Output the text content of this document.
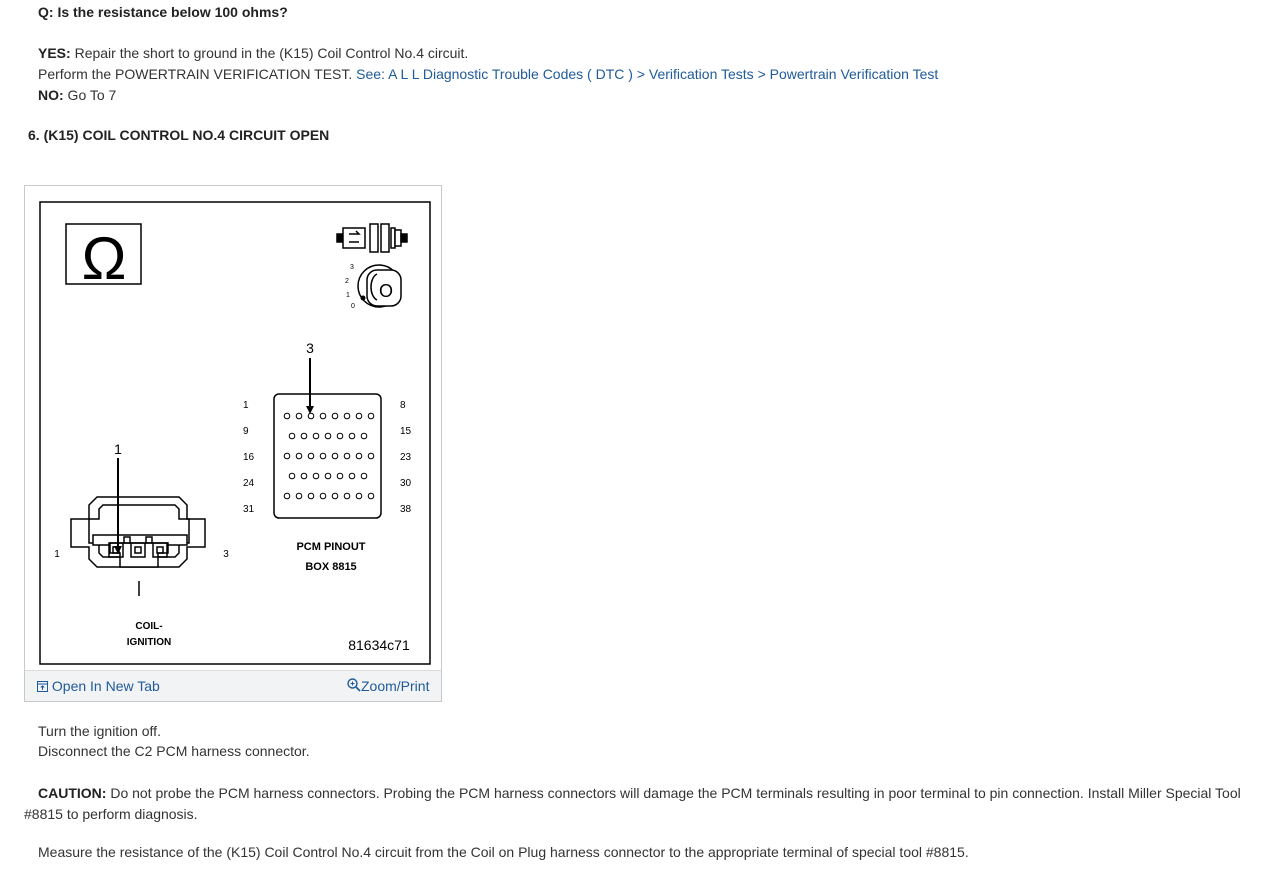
Q: Is the resistance below 100 ohms?
YES: Repair the short to ground in the (K15) Coil Control No.4 circuit.
Perform the POWERTRAIN VERIFICATION TEST. See: A L L Diagnostic Trouble Codes ( DTC ) > Verification Tests > Powertrain Verification Test
NO: Go To 7
6. (K15) COIL CONTROL NO.4 CIRCUIT OPEN
Ω	3
2
1
0
O
3
1
9
16
24
31
8
15
23
30
38
PCM PINOUT
BOX 8815
1
1	3
COIL-
IGNITION	81634c71
Open In New Tab	Zoom/Print
Turn the ignition off.
Disconnect the C2 PCM harness connector.
CAUTION: Do not probe the PCM harness connectors. Probing the PCM harness connectors will damage the PCM terminals resulting in poor terminal to pin connection. Install Miller Special Tool #8815 to perform diagnosis.
Measure the resistance of the (K15) Coil Control No.4 circuit from the Coil on Plug harness connector to the appropriate terminal of special tool #8815.
